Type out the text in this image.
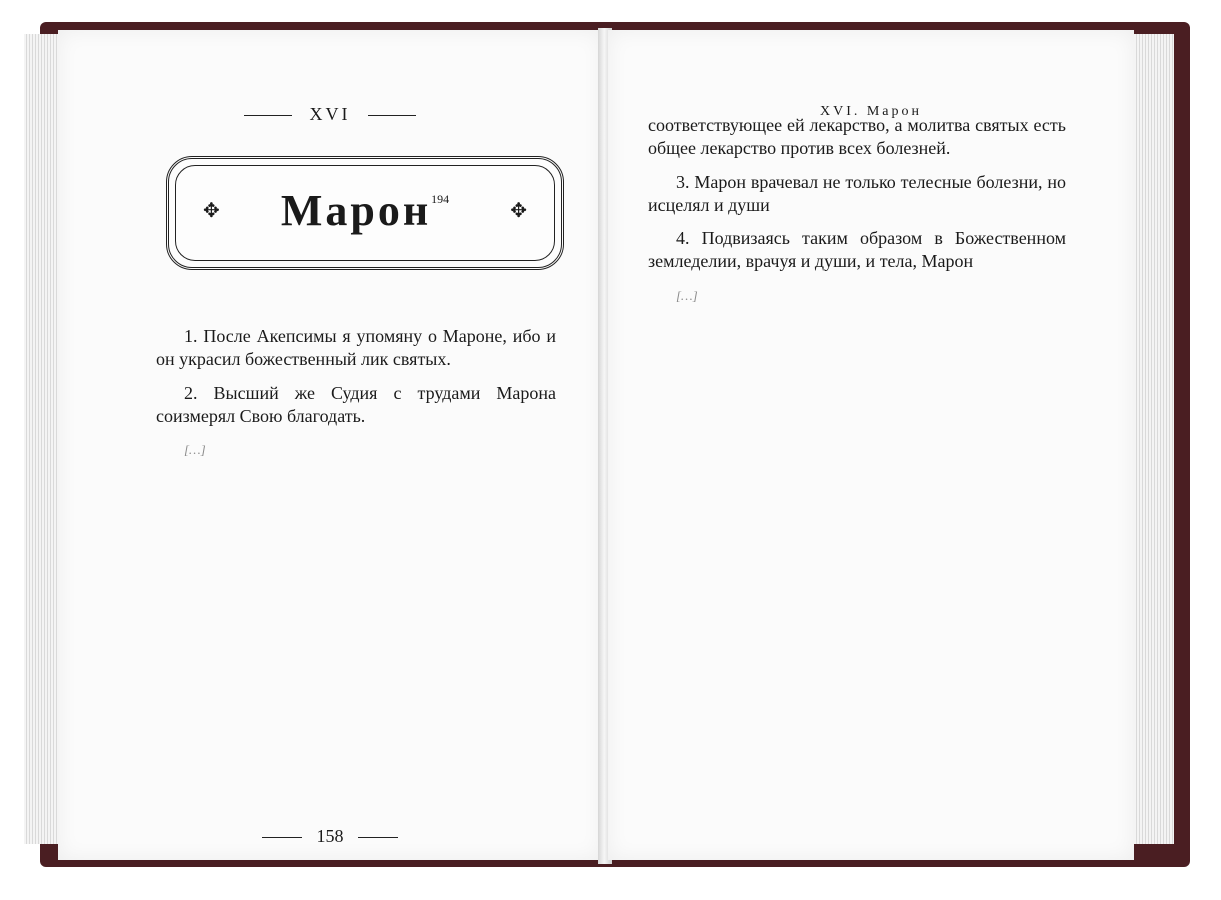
XVI
✥	✥
Марон$^{194}$

1. После Акепсимы я упомяну о Мароне, ибо и он украсил божественный лик святых.

2. Высший же Судия с трудами Марона соизмерял Свою благодать.

[…]

158
XVI. Марон

соответствующее ей лекарство, а молитва святых есть общее лекарство против всех болезней.

3. Марон врачевал не только телесные болезни, но исцелял и души

4. Подвизаясь таким образом в Божественном земледелии, врачуя и души, и тела, Марон

[…]
